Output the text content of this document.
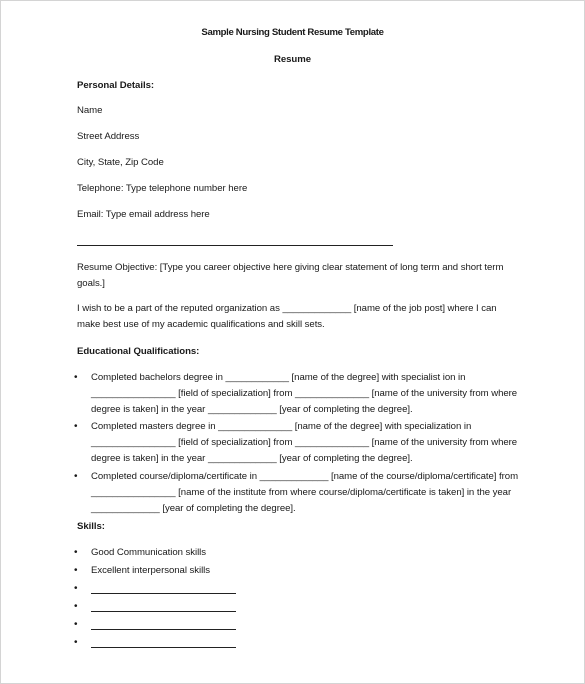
Sample Nursing Student Resume Template
Resume
Personal Details:
Name
Street Address
City, State, Zip Code
Telephone: Type telephone number here
Email: Type email address here
Resume Objective: [Type you career objective here giving clear statement of long term and short term
goals.]
I wish to be a part of the reputed organization as _____________ [name of the job post] where I can
make best use of my academic qualifications and skill sets.
Educational Qualifications:
• Completed bachelors degree in ____________ [name of the degree] with specialist ion in
________________ [field of specialization] from ______________ [name of the university from where
degree is taken] in the year _____________ [year of completing the degree].
• Completed masters degree in ______________ [name of the degree] with specialization in
________________ [field of specialization] from ______________ [name of the university from where
degree is taken] in the year _____________ [year of completing the degree].
• Completed course/diploma/certificate in _____________ [name of the course/diploma/certificate] from
________________ [name of the institute from where course/diploma/certificate is taken] in the year
_____________ [year of completing the degree].
Skills:
• Good Communication skills
• Excellent interpersonal skills
•
•
•
•
